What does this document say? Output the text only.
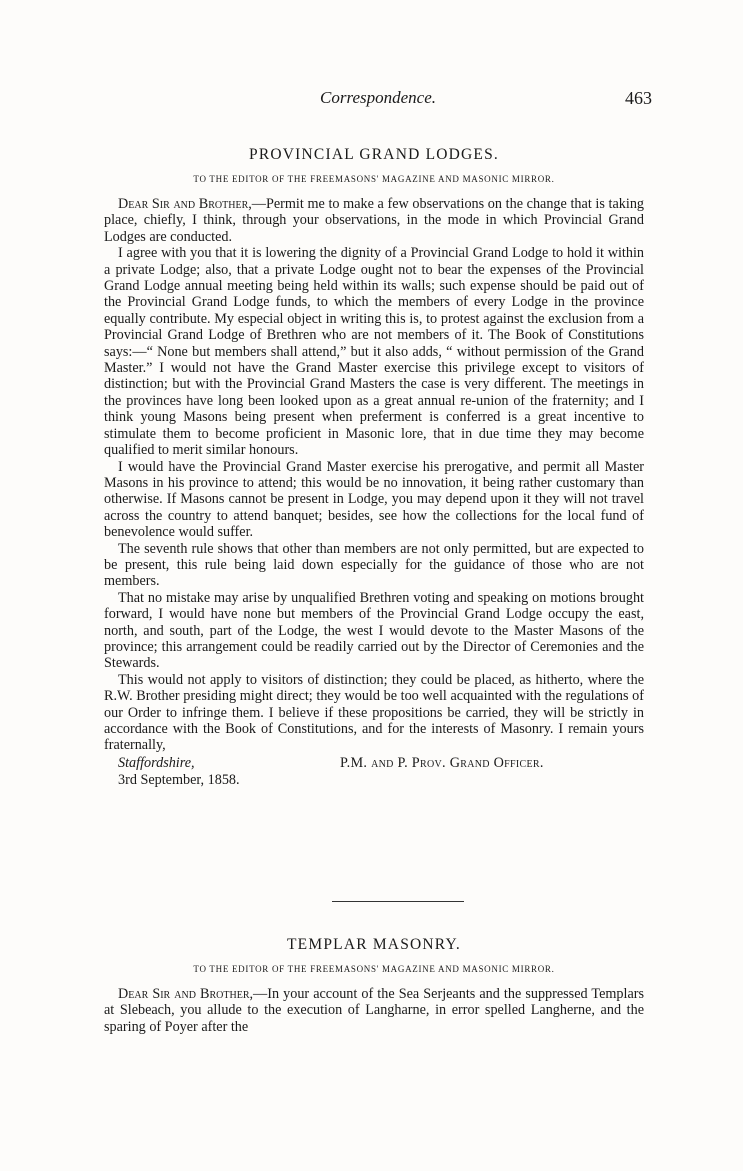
Correspondence.	463
PROVINCIAL GRAND LODGES.
TO THE EDITOR OF THE FREEMASONS' MAGAZINE AND MASONIC MIRROR.

Dear Sir and Brother,—Permit me to make a few observations on the change that is taking place, chiefly, I think, through your observations, in the mode in which Provincial Grand Lodges are conducted.

I agree with you that it is lowering the dignity of a Provincial Grand Lodge to hold it within a private Lodge; also, that a private Lodge ought not to bear the expenses of the Provincial Grand Lodge annual meeting being held within its walls; such expense should be paid out of the Provincial Grand Lodge funds, to which the members of every Lodge in the province equally contribute. My especial object in writing this is, to protest against the exclusion from a Provincial Grand Lodge of Brethren who are not members of it. The Book of Constitutions says:—“ None but members shall attend,” but it also adds, “ without permission of the Grand Master.” I would not have the Grand Master exercise this privilege except to visitors of distinction; but with the Provincial Grand Masters the case is very different. The meetings in the provinces have long been looked upon as a great annual re-union of the fraternity; and I think young Masons being present when preferment is conferred is a great incentive to stimulate them to become proficient in Masonic lore, that in due time they may become qualified to merit similar honours.

I would have the Provincial Grand Master exercise his prerogative, and permit all Master Masons in his province to attend; this would be no innovation, it being rather customary than otherwise. If Masons cannot be present in Lodge, you may depend upon it they will not travel across the country to attend banquet; besides, see how the collections for the local fund of benevolence would suffer.

The seventh rule shows that other than members are not only permitted, but are expected to be present, this rule being laid down especially for the guidance of those who are not members.

That no mistake may arise by unqualified Brethren voting and speaking on motions brought forward, I would have none but members of the Provincial Grand Lodge occupy the east, north, and south, part of the Lodge, the west I would devote to the Master Masons of the province; this arrangement could be readily carried out by the Director of Ceremonies and the Stewards.

This would not apply to visitors of distinction; they could be placed, as hitherto, where the R.W. Brother presiding might direct; they would be too well acquainted with the regulations of our Order to infringe them. I believe if these propositions be carried, they will be strictly in accordance with the Book of Constitutions, and for the interests of Masonry. I remain yours fraternally,

Staffordshire,
3rd September, 1858.
P.M. and P. Prov. Grand Officer.
TEMPLAR MASONRY.
TO THE EDITOR OF THE FREEMASONS' MAGAZINE AND MASONIC MIRROR.

Dear Sir and Brother,—In your account of the Sea Serjeants and the suppressed Templars at Slebeach, you allude to the execution of Langharne, in error spelled Langherne, and the sparing of Poyer after the
